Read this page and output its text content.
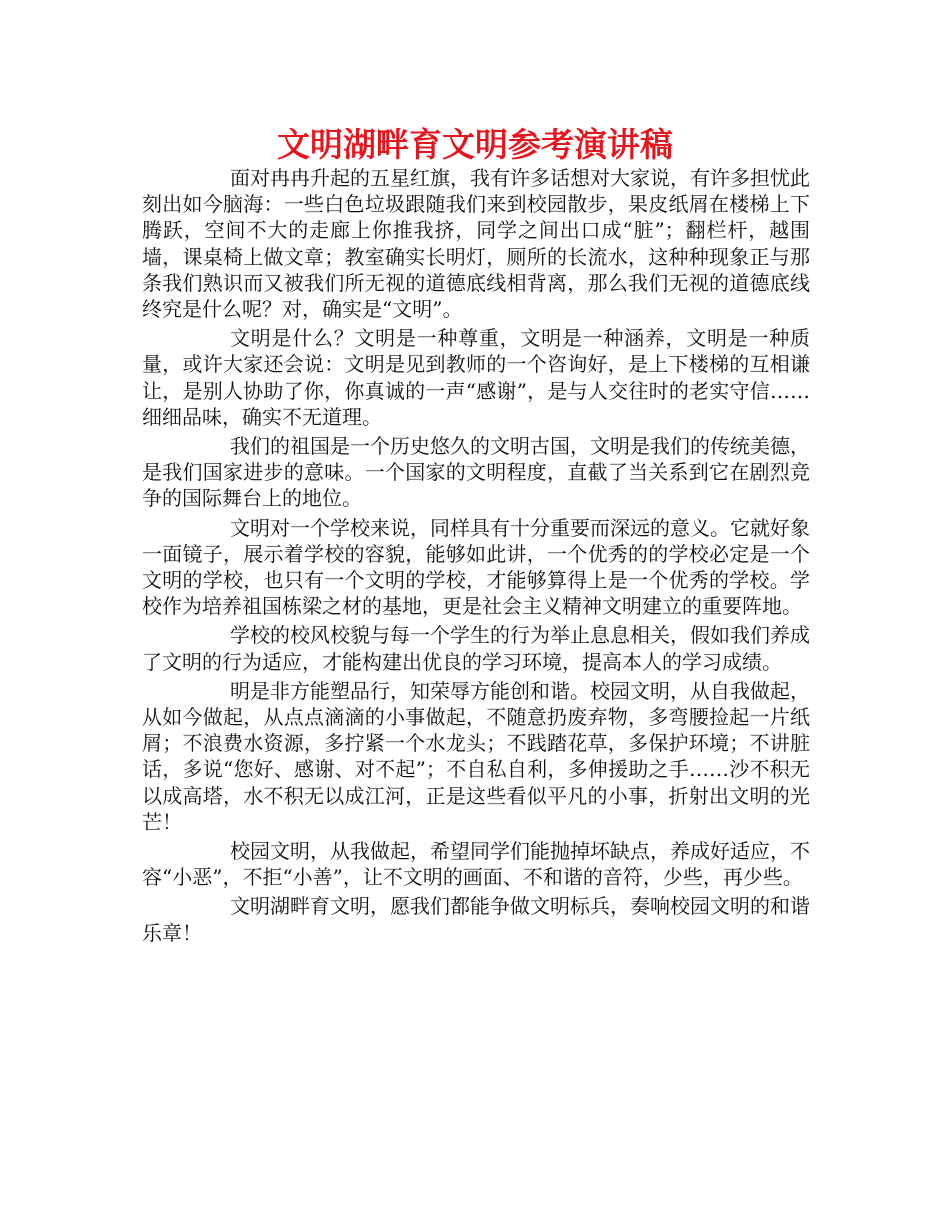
文明湖畔育文明参考演讲稿

面对冉冉升起的五星红旗，我有许多话想对大家说，有许多担忧此刻出如今脑海：一些白色垃圾跟随我们来到校园散步，果皮纸屑在楼梯上下腾跃，空间不大的走廊上你推我挤，同学之间出口成“脏”；翻栏杆，越围墙，课桌椅上做文章；教室确实长明灯，厕所的长流水，这种种现象正与那条我们熟识而又被我们所无视的道德底线相背离，那么我们无视的道德底线终究是什么呢？对，确实是“文明”。

文明是什么？文明是一种尊重，文明是一种涵养，文明是一种质量，或许大家还会说：文明是见到教师的一个咨询好，是上下楼梯的互相谦让，是别人协助了你，你真诚的一声“感谢”，是与人交往时的老实守信……细细品味，确实不无道理。

我们的祖国是一个历史悠久的文明古国，文明是我们的传统美德，是我们国家进步的意味。一个国家的文明程度，直截了当关系到它在剧烈竞争的国际舞台上的地位。

文明对一个学校来说，同样具有十分重要而深远的意义。它就好象一面镜子，展示着学校的容貌，能够如此讲，一个优秀的的学校必定是一个文明的学校，也只有一个文明的学校，才能够算得上是一个优秀的学校。学校作为培养祖国栋梁之材的基地，更是社会主义精神文明建立的重要阵地。

学校的校风校貌与每一个学生的行为举止息息相关，假如我们养成了文明的行为适应，才能构建出优良的学习环境，提高本人的学习成绩。

明是非方能塑品行，知荣辱方能创和谐。校园文明，从自我做起，从如今做起，从点点滴滴的小事做起，不随意扔废弃物，多弯腰捡起一片纸屑；不浪费水资源，多拧紧一个水龙头；不践踏花草，多保护环境；不讲脏话，多说“您好、感谢、对不起”；不自私自利，多伸援助之手……沙不积无以成高塔，水不积无以成江河，正是这些看似平凡的小事，折射出文明的光芒！

校园文明，从我做起，希望同学们能抛掉坏缺点，养成好适应，不容“小恶”，不拒“小善”，让不文明的画面、不和谐的音符，少些，再少些。

文明湖畔育文明，愿我们都能争做文明标兵，奏响校园文明的和谐乐章！
